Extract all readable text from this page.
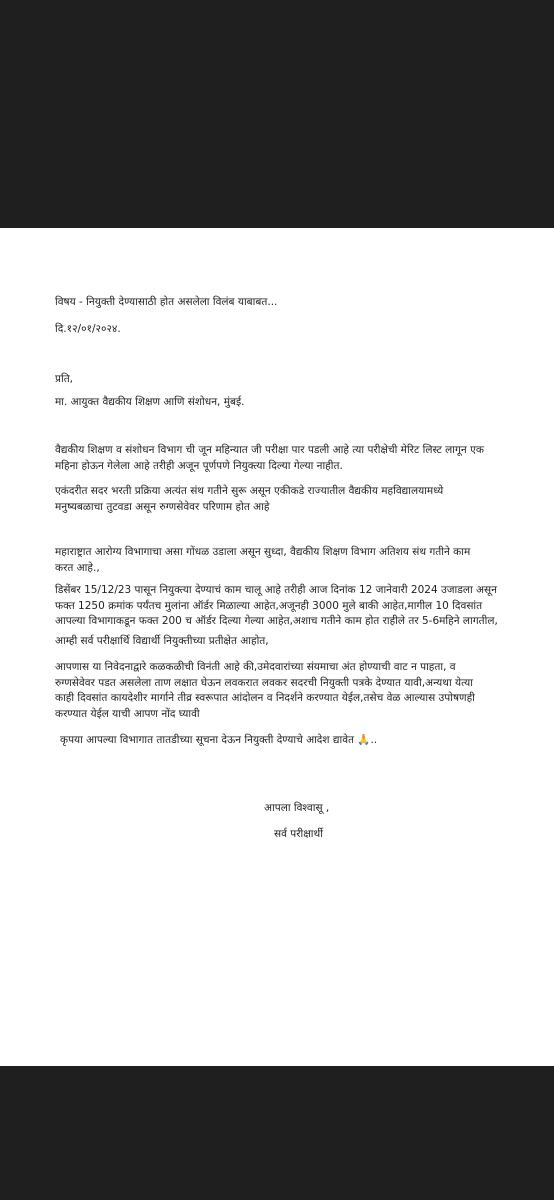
विषय - नियुक्ती देण्यासाठी होत असलेला विलंब याबाबत...
दि.१२/०१/२०२४.
प्रति,
मा. आयुक्त वैद्यकीय शिक्षण आणि संशोधन, मुंबई.
वैद्यकीय शिक्षण व संशोधन विभाग ची जून महिन्यात जी परीक्षा पार पडली आहे त्या परीक्षेची मेरिट लिस्ट लागून एक
महिना होऊन गेलेला आहे तरीही अजून पूर्णपणे नियुक्त्या दिल्या गेल्या नाहीत.
एकंदरीत सदर भरती प्रक्रिया अत्यंत संथ गतीने सुरू असून एकीकडे राज्यातील वैद्यकीय महविद्यालयामध्ये
मनुष्यबळाचा तुटवडा असून रुग्णसेवेवर परिणाम होत आहे
महाराष्ट्रात आरोग्य विभागाचा असा गोंधळ उडाला असून सुध्दा, वैद्यकीय शिक्षण विभाग अतिशय संथ गतीने काम
करत आहे.,
डिसेंबर 15/12/23 पासून नियुक्त्या देण्याचं काम चालू आहे तरीही आज दिनांक 12 जानेवारी 2024 उजाडला असून
फक्त 1250 क्रमांक पर्यंतच मुलांना ऑर्डर मिळाल्या आहेत,अजूनही 3000 मुले बाकी आहेत,मागील 10 दिवसांत
आपल्या विभागाकडून फक्त 200 च ऑर्डर दिल्या गेल्या आहेत,अशाच गतीने काम होत राहीले तर 5-6महिने लागतील,
आम्ही सर्व परीक्षार्थि विद्यार्थी नियुक्तीच्या प्रतीक्षेत आहोत,
आपणास या निवेदनाद्वारे कळकळीची विनंती आहे की,उमेदवारांच्या संयमाचा अंत होण्याची वाट न पाहता, व
रुग्णसेवेवर पडत असलेला ताण लक्षात घेऊन लवकरात लवकर सदरची नियुक्ती पत्रके देण्यात यावी,अन्यथा येत्या
काही दिवसांत कायदेशीर मार्गाने तीव्र स्वरूपात आंदोलन व निदर्शने करण्यात येईल,तसेच वेळ आल्यास उपोषणही
करण्यात येईल याची आपण नोंद घ्यावी
कृपया आपल्या विभागात तातडीच्या सूचना देऊन नियुक्ती देण्याचे आदेश द्यावेत 🙏..
आपला विश्वासू ,
सर्व परीक्षार्थी
